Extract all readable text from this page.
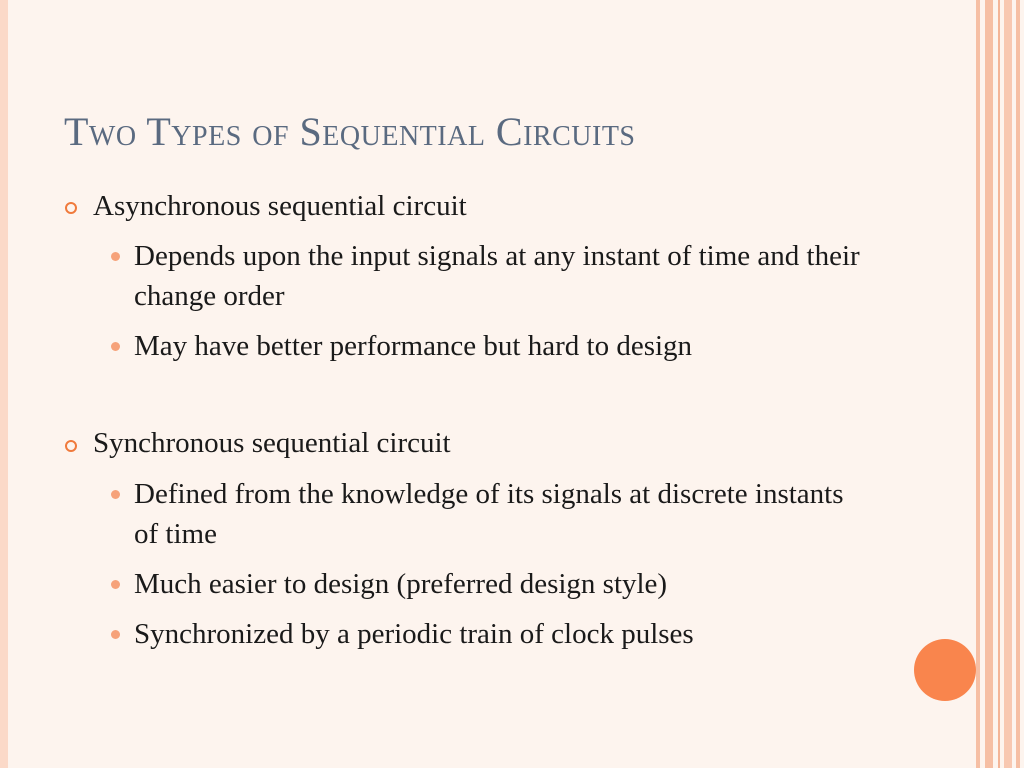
Two Types of Sequential Circuits
Asynchronous sequential circuit
Depends upon the input signals at any instant of time and their change order
May have better performance but hard to design
Synchronous sequential circuit
Defined from the knowledge of its signals at discrete instants of time
Much easier to design (preferred design style)
Synchronized by a periodic train of clock pulses
